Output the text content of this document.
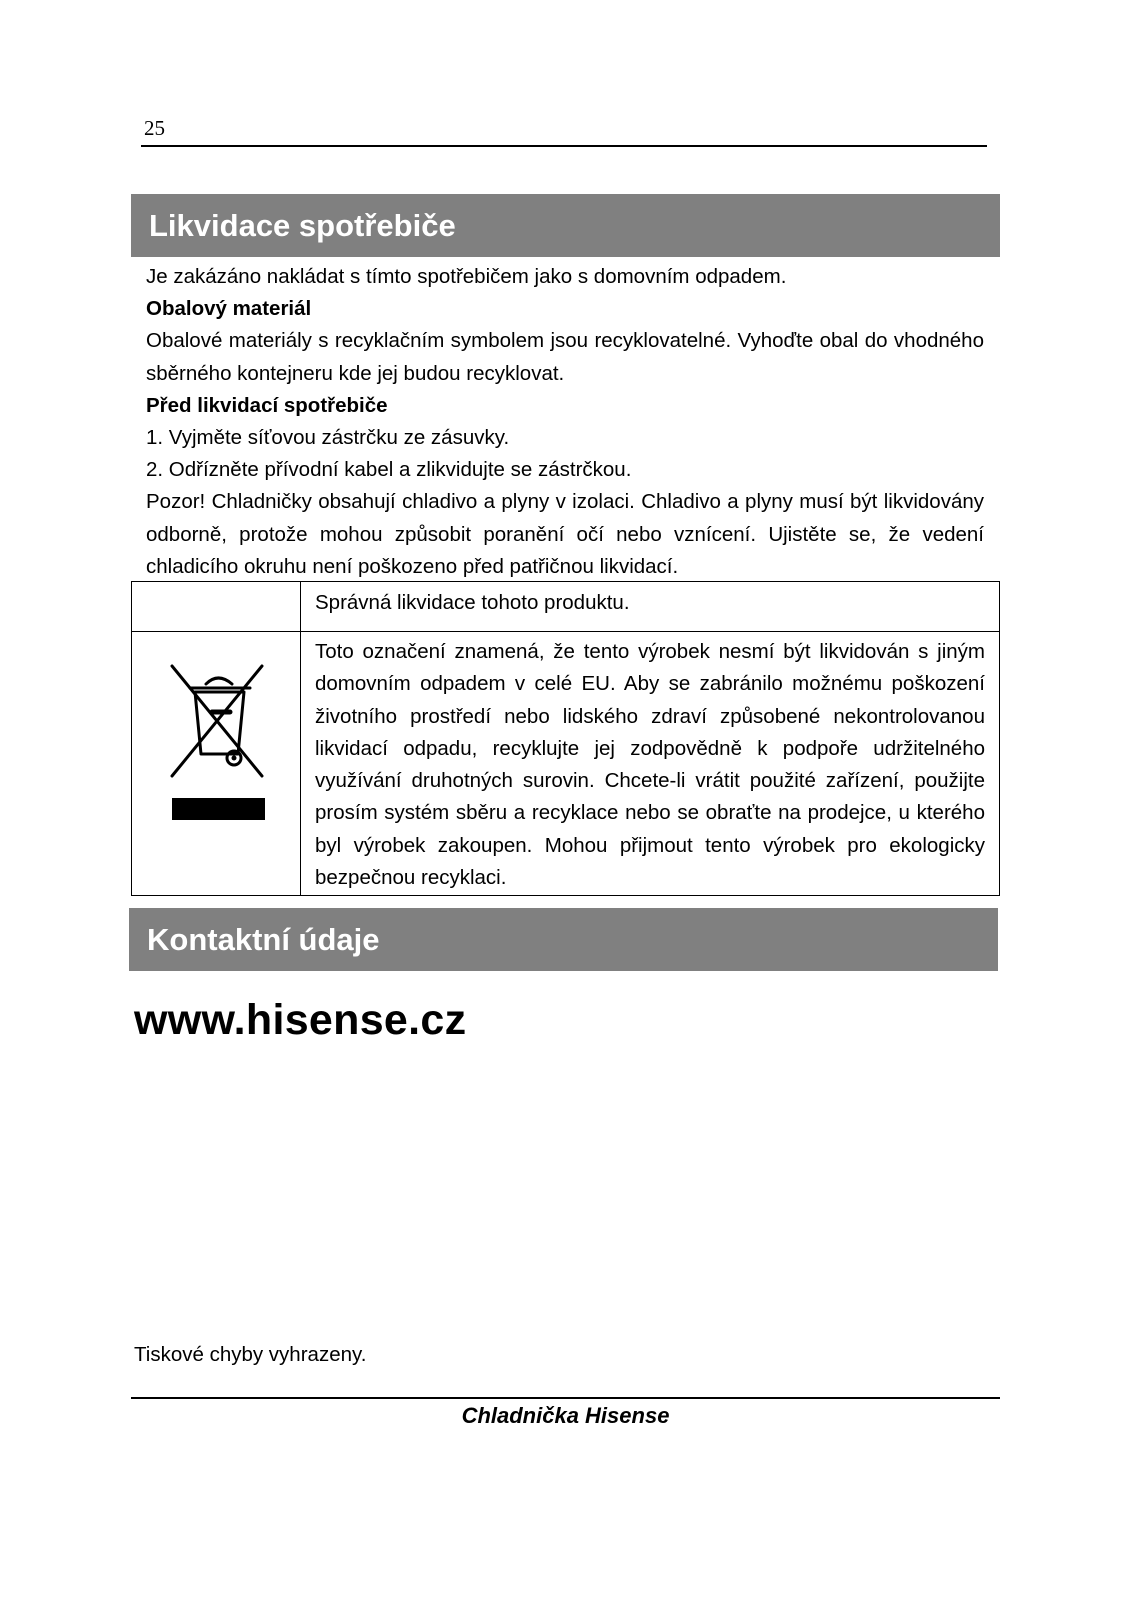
25
Likvidace spotřebiče

Je zakázáno nakládat s tímto spotřebičem jako s domovním odpadem.

Obalový materiál

Obalové materiály s recyklačním symbolem jsou recyklovatelné. Vyhoďte obal do vhodného sběrného kontejneru kde jej budou recyklovat.

Před likvidací spotřebiče

1. Vyjměte síťovou zástrčku ze zásuvky.

2. Odřízněte přívodní kabel a zlikvidujte se zástrčkou.

Pozor! Chladničky obsahují chladivo a plyny v izolaci. Chladivo a plyny musí být likvidovány odborně, protože mohou způsobit poranění očí nebo vznícení. Ujistěte se, že vedení chladicího okruhu není poškozeno před patřičnou likvidací.

	Správná likvidace tohoto produktu.

	Toto označení znamená, že tento výrobek nesmí být likvidován s jiným domovním odpadem v celé EU. Aby se zabránilo možnému poškození životního prostředí nebo lidského zdraví způsobené nekontrolovanou likvidací odpadu, recyklujte jej zodpovědně k podpoře udržitelného využívání druhotných surovin. Chcete-li vrátit použité zařízení, použijte prosím systém sběru a recyklace nebo se obraťte na prodejce, u kterého byl výrobek zakoupen. Mohou přijmout tento výrobek pro ekologicky bezpečnou recyklaci.
Kontaktní údaje
www.hisense.cz
Tiskové chyby vyhrazeny.
Chladnička Hisense
